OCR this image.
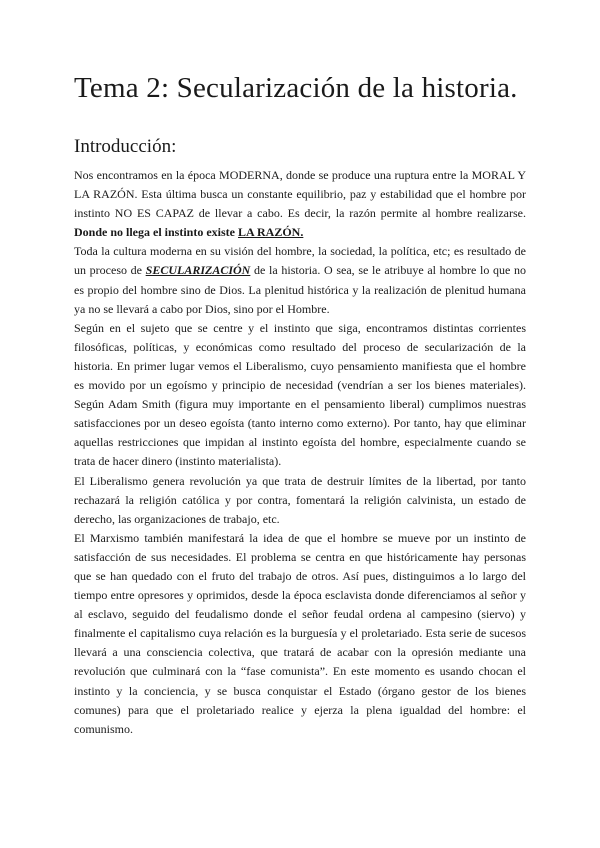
Tema 2: Secularización de la historia.
Introducción:

Nos encontramos en la época MODERNA, donde se produce una ruptura entre la MORAL Y LA RAZÓN. Esta última busca un constante equilibrio, paz y estabilidad que el hombre por instinto NO ES CAPAZ de llevar a cabo. Es decir, la razón permite al hombre realizarse. Donde no llega el instinto existe LA RAZÓN.

Toda la cultura moderna en su visión del hombre, la sociedad, la política, etc; es resultado de un proceso de SECULARIZACIÓN de la historia. O sea, se le atribuye al hombre lo que no es propio del hombre sino de Dios. La plenitud histórica y la realización de plenitud humana ya no se llevará a cabo por Dios, sino por el Hombre.

Según en el sujeto que se centre y el instinto que siga, encontramos distintas corrientes filosóficas, políticas, y económicas como resultado del proceso de secularización de la historia. En primer lugar vemos el Liberalismo, cuyo pensamiento manifiesta que el hombre es movido por un egoísmo y principio de necesidad (vendrían a ser los bienes materiales). Según Adam Smith (figura muy importante en el pensamiento liberal) cumplimos nuestras satisfacciones por un deseo egoísta (tanto interno como externo). Por tanto, hay que eliminar aquellas restricciones que impidan al instinto egoísta del hombre, especialmente cuando se trata de hacer dinero (instinto materialista).

El Liberalismo genera revolución ya que trata de destruir límites de la libertad, por tanto rechazará la religión católica y por contra, fomentará la religión calvinista, un estado de derecho, las organizaciones de trabajo, etc.

El Marxismo también manifestará la idea de que el hombre se mueve por un instinto de satisfacción de sus necesidades. El problema se centra en que históricamente hay personas que se han quedado con el fruto del trabajo de otros. Así pues, distinguimos a lo largo del tiempo entre opresores y oprimidos, desde la época esclavista donde diferenciamos al señor y al esclavo, seguido del feudalismo donde el señor feudal ordena al campesino (siervo) y finalmente el capitalismo cuya relación es la burguesía y el proletariado. Esta serie de sucesos llevará a una consciencia colectiva, que tratará de acabar con la opresión mediante una revolución que culminará con la “fase comunista”. En este momento es usando chocan el instinto y la conciencia, y se busca conquistar el Estado (órgano gestor de los bienes comunes) para que el proletariado realice y ejerza la plena igualdad del hombre: el comunismo.
